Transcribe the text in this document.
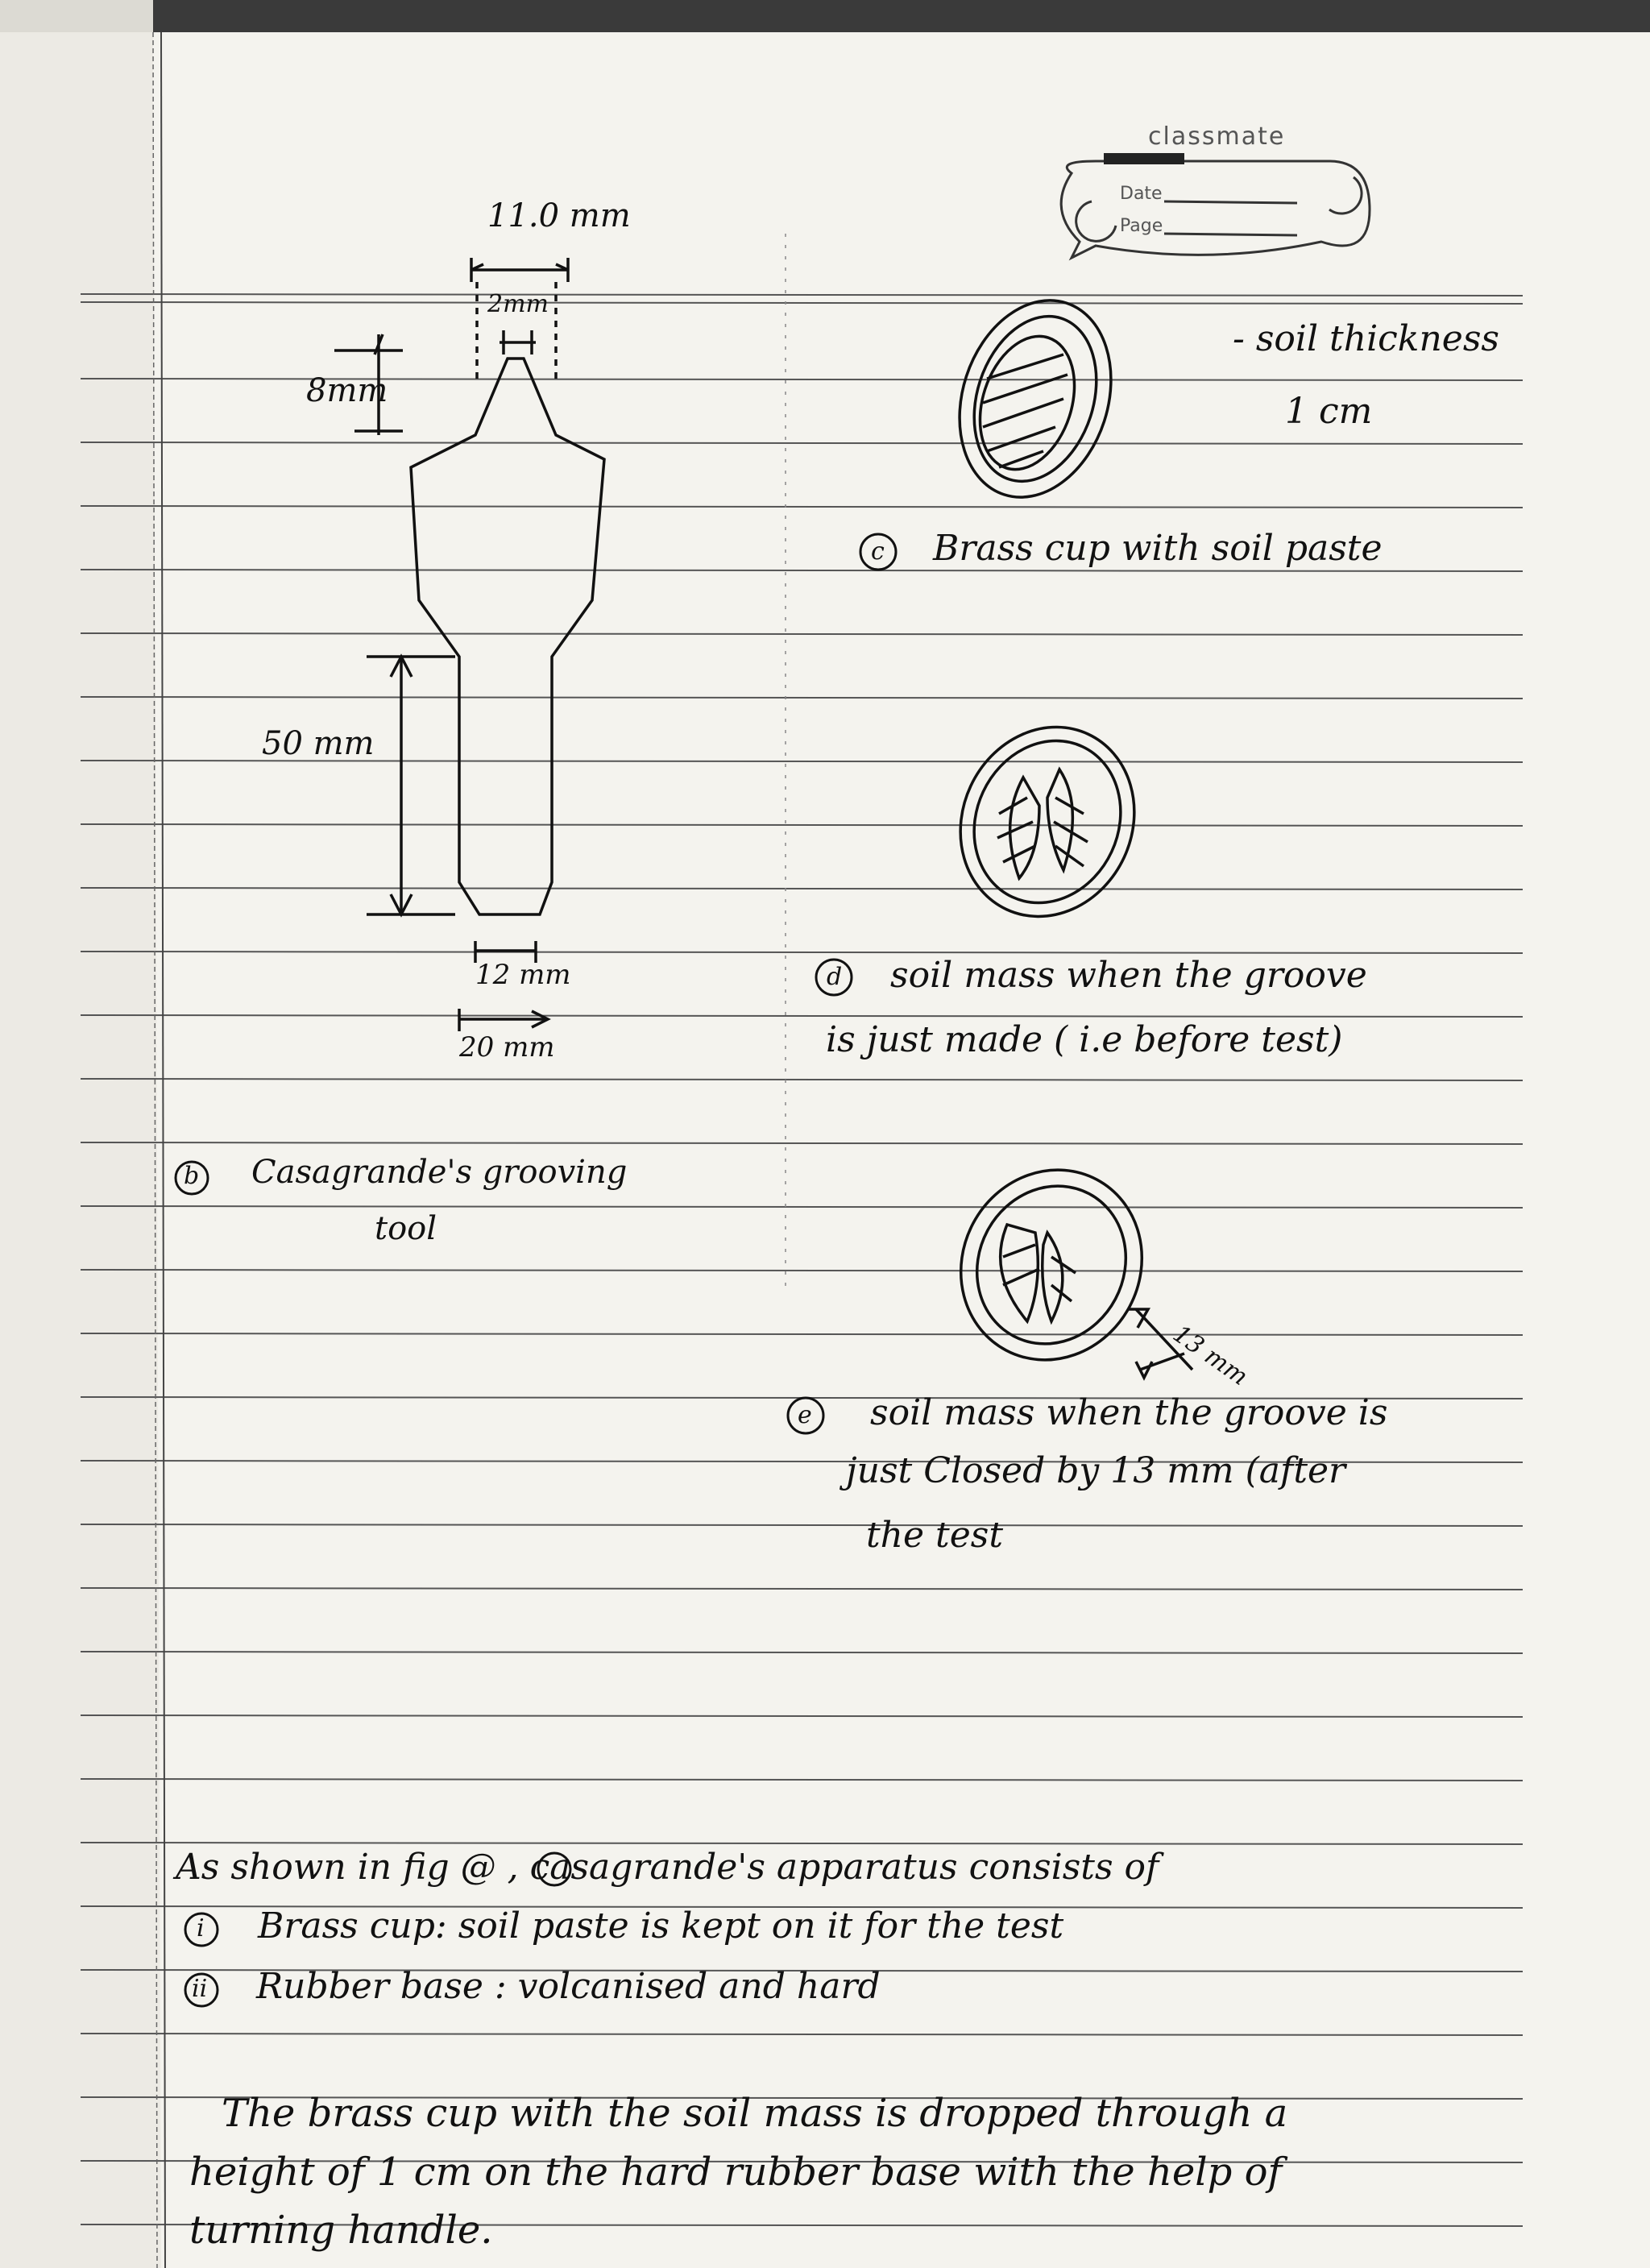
classmate
Date
Page
11.0 mm
2mm
8mm
50 mm
12 mm
20 mm
b Casagrande's grooving
tool
- soil thickness
1 cm
c Brass cup with soil paste
d soil mass when the groove
is just made ( i.e before test)
13 mm
e soil mass when the groove is
just Closed by 13 mm (after
the test
As shown in fig @ , casagrande's apparatus consists of
i Brass cup: soil paste is kept on it for the test
ii Rubber base : volcanised and hard
The brass cup with the soil mass is dropped through a
height of 1 cm on the hard rubber base with the help of
turning handle.
